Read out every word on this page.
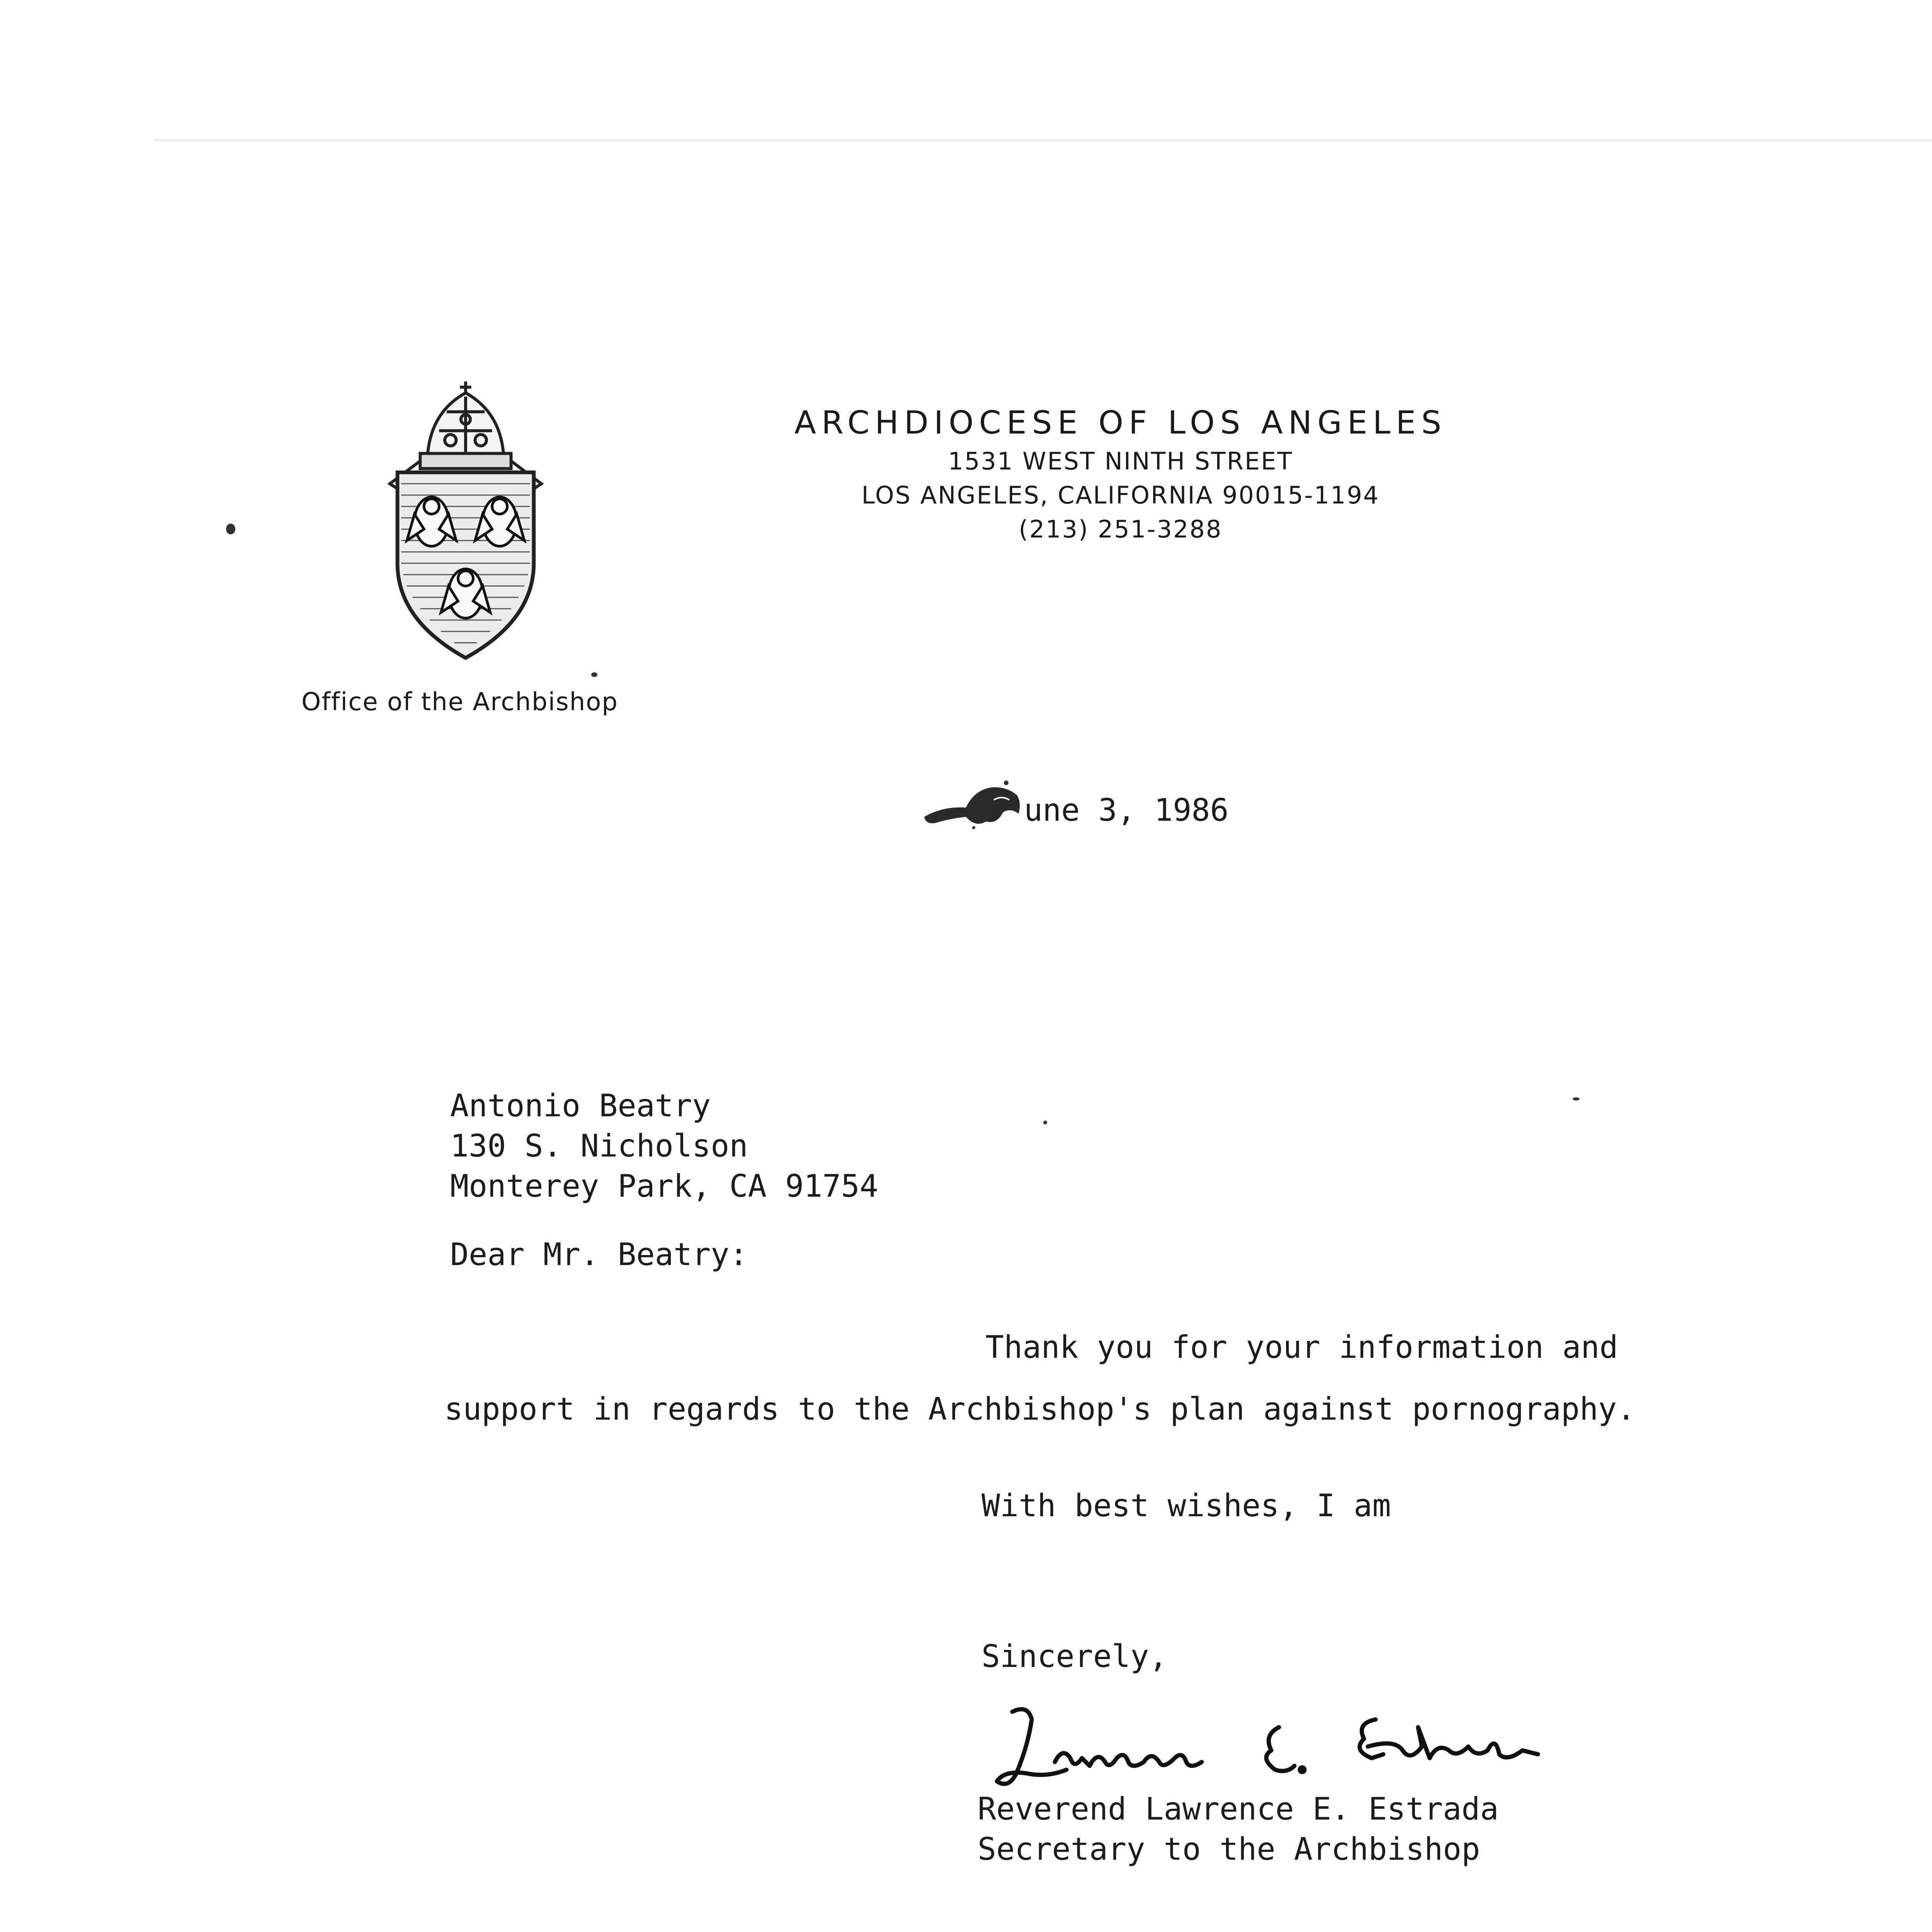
Office of the Archbishop
ARCHDIOCESE OF LOS ANGELES
1531 WEST NINTH STREET
LOS ANGELES, CALIFORNIA 90015-1194
(213) 251-3288
une 3, 1986
Antonio Beatry
130 S. Nicholson
Monterey Park, CA 91754
Dear Mr. Beatry:
Thank you for your information and
support in regards to the Archbishop's plan against pornography.
With best wishes, I am
Sincerely,
Reverend Lawrence E. Estrada
Secretary to the Archbishop
